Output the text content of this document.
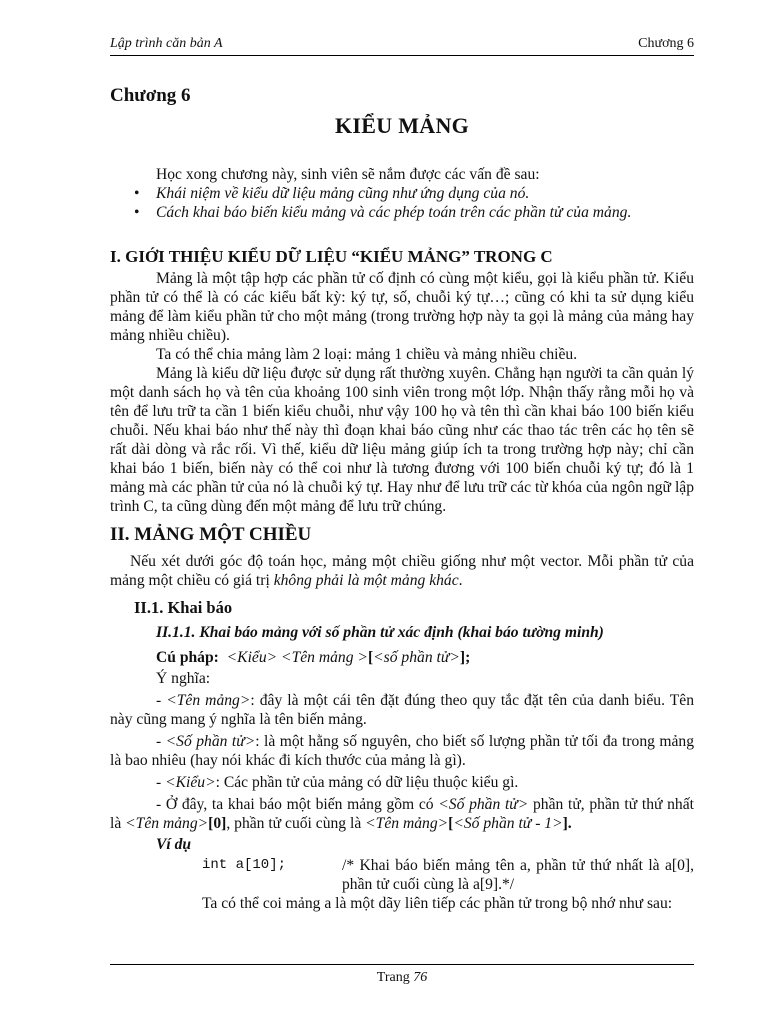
Lập trình căn bản A	Chương 6
Chương 6
KIỂU MẢNG

Học xong chương này, sinh viên sẽ nắm được các vấn đề sau:

• Khái niệm về kiểu dữ liệu mảng cũng như ứng dụng của nó.
• Cách khai báo biến kiểu mảng và các phép toán trên các phần tử của mảng.
I. GIỚI THIỆU KIỂU DỮ LIỆU “KIỂU MẢNG” TRONG C

Mảng là một tập hợp các phần tử cố định có cùng một kiểu, gọi là kiểu phần tử. Kiểu phần tử có thể là có các kiểu bất kỳ: ký tự, số, chuỗi ký tự…; cũng có khi ta sử dụng kiểu mảng để làm kiểu phần tử cho một mảng (trong trường hợp này ta gọi là mảng của mảng hay mảng nhiều chiều).

Ta có thể chia mảng làm 2 loại: mảng 1 chiều và mảng nhiều chiều.

Mảng là kiểu dữ liệu được sử dụng rất thường xuyên. Chẳng hạn người ta cần quản lý một danh sách họ và tên của khoảng 100 sinh viên trong một lớp. Nhận thấy rằng mỗi họ và tên để lưu trữ ta cần 1 biến kiểu chuỗi, như vậy 100 họ và tên thì cần khai báo 100 biến kiểu chuỗi. Nếu khai báo như thế này thì đoạn khai báo cũng như các thao tác trên các họ tên sẽ rất dài dòng và rắc rối. Vì thế, kiểu dữ liệu mảng giúp ích ta trong trường hợp này; chỉ cần khai báo 1 biến, biến này có thể coi như là tương đương với 100 biến chuỗi ký tự; đó là 1 mảng mà các phần tử của nó là chuỗi ký tự. Hay như để lưu trữ các từ khóa của ngôn ngữ lập trình C, ta cũng dùng đến một mảng để lưu trữ chúng.

II. MẢNG MỘT CHIỀU

Nếu xét dưới góc độ toán học, mảng một chiều giống như một vector. Mỗi phần tử của mảng một chiều có giá trị không phải là một mảng khác.

II.1. Khai báo
II.1.1. Khai báo mảng với số phần tử xác định (khai báo tường minh)
Cú pháp: <Kiểu> <Tên mảng >[<số phần tử>];
Ý nghĩa:

- <Tên mảng>: đây là một cái tên đặt đúng theo quy tắc đặt tên của danh biểu. Tên này cũng mang ý nghĩa là tên biến mảng.

- <Số phần tử>: là một hằng số nguyên, cho biết số lượng phần tử tối đa trong mảng là bao nhiêu (hay nói khác đi kích thước của mảng là gì).

- <Kiểu>: Các phần tử của mảng có dữ liệu thuộc kiểu gì.

- Ở đây, ta khai báo một biến mảng gồm có <Số phần tử> phần tử, phần tử thứ nhất là <Tên mảng>[0], phần tử cuối cùng là <Tên mảng>[<Số phần tử - 1>].

Ví dụ
int a[10];	/* Khai báo biến mảng tên a, phần tử thứ nhất là a[0], phần tử cuối cùng là a[9].*/

Ta có thể coi mảng a là một dãy liên tiếp các phần tử trong bộ nhớ như sau:

Trang 76
